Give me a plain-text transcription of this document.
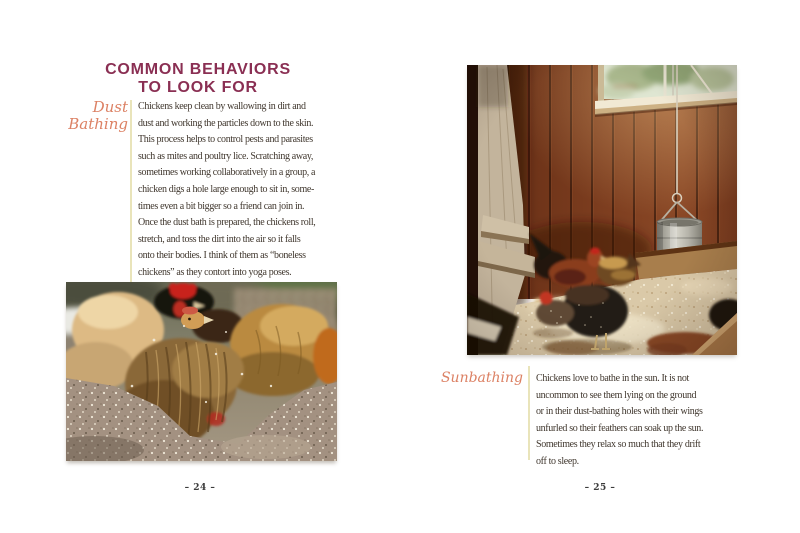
COMMON BEHAVIORS
TO LOOK FOR
Dust
Bathing
Chickens keep clean by wallowing in dirt and
dust and working the particles down to the skin.
This process helps to control pests and parasites
such as mites and poultry lice. Scratching away,
sometimes working collaboratively in a group, a
chicken digs a hole large enough to sit in, some-
times even a bit bigger so a friend can join in.
Once the dust bath is prepared, the chickens roll,
stretch, and toss the dirt into the air so it falls
onto their bodies. I think of them as “boneless
chickens” as they contort into yoga poses.
– 24 –
Sunbathing Chickens love to bathe in the sun. It is not
uncommon to see them lying on the ground
or in their dust-bathing holes with their wings
unfurled so their feathers can soak up the sun.
Sometimes they relax so much that they drift
off to sleep.
– 25 –
